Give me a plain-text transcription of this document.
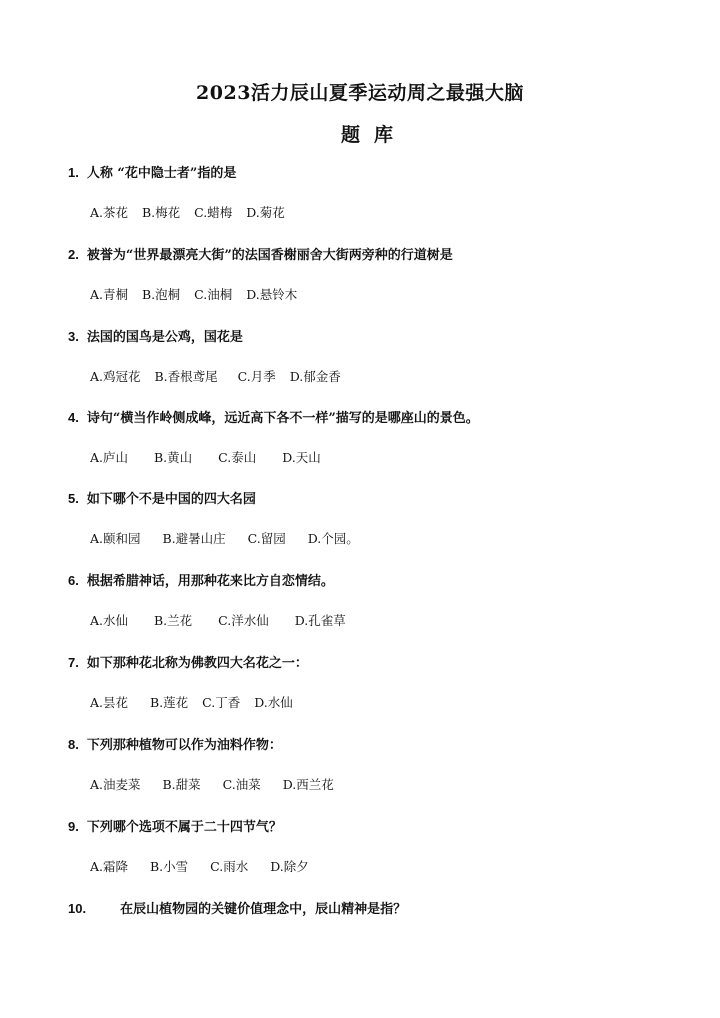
2023活力辰山夏季运动周之最强大脑
题库
1. 人称 “花中隐士者”指的是
A.茶花 B.梅花 C.蜡梅 D.菊花
2. 被誉为“世界最漂亮大街”的法国香榭丽舍大街两旁种的行道树是
A.青桐 B.泡桐 C.油桐 D.悬铃木
3. 法国的国鸟是公鸡，国花是
A.鸡冠花 B.香根鸢尾 C.月季 D.郁金香
4. 诗句“横当作岭侧成峰，远近高下各不一样”描写的是哪座山的景色。
A.庐山 B.黄山 C.泰山 D.天山
5. 如下哪个不是中国的四大名园
A.颐和园 B.避暑山庄 C.留园 D.个园。
6. 根据希腊神话，用那种花来比方自恋情结。
A.水仙 B.兰花 C.洋水仙 D.孔雀草
7. 如下那种花北称为佛教四大名花之一：
A.昙花 B.莲花 C.丁香 D.水仙
8. 下列那种植物可以作为油料作物：
A.油麦菜 B.甜菜 C.油菜 D.西兰花
9. 下列哪个选项不属于二十四节气？
A.霜降 B.小雪 C.雨水 D.除夕
10.	在辰山植物园的关键价值理念中，辰山精神是指？
